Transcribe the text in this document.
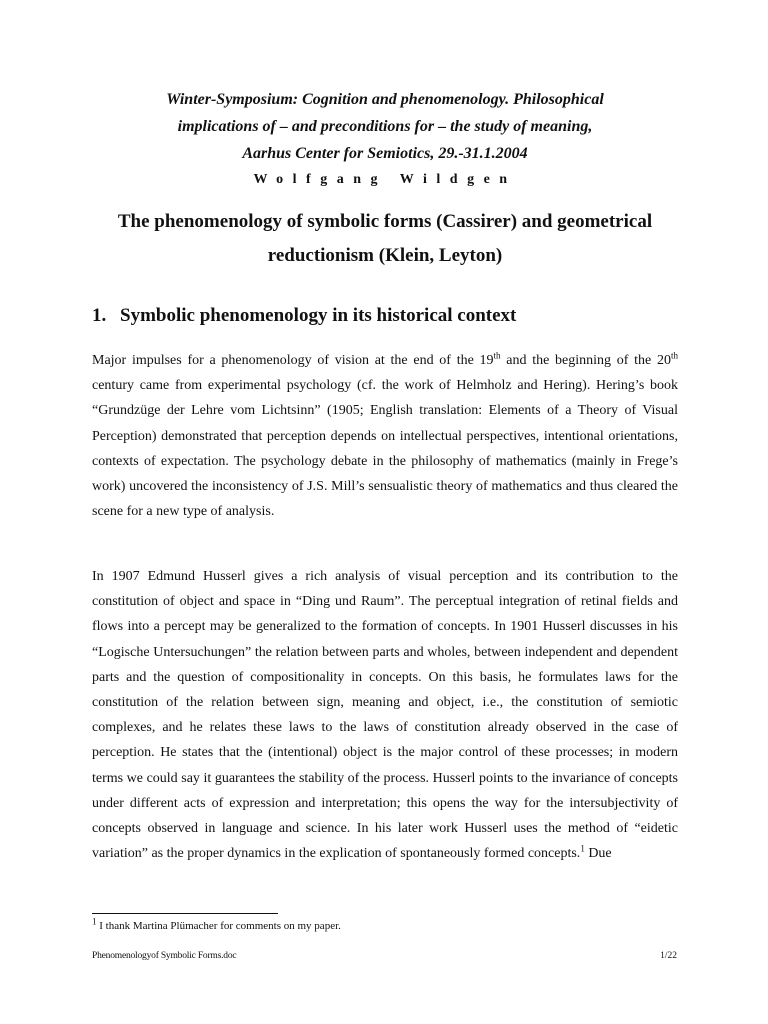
Winter-Symposium: Cognition and phenomenology. Philosophical
implications of – and preconditions for – the study of meaning,
Aarhus Center for Semiotics, 29.-31.1.2004
Wolfgang Wildgen
The phenomenology of symbolic forms (Cassirer) and geometrical
reductionism (Klein, Leyton)
1. Symbolic phenomenology in its historical context
Major impulses for a phenomenology of vision at the end of the 19th and the beginning of the 20th century came from experimental psychology (cf. the work of Helmholz and Hering). Hering’s book “Grundzüge der Lehre vom Lichtsinn” (1905; English translation: Elements of a Theory of Visual Perception) demonstrated that perception depends on intellectual perspectives, intentional orientations, contexts of expectation. The psychology debate in the philosophy of mathematics (mainly in Frege’s work) uncovered the inconsistency of J.S. Mill’s sensualistic theory of mathematics and thus cleared the scene for a new type of analysis.
In 1907 Edmund Husserl gives a rich analysis of visual perception and its contribution to the constitution of object and space in “Ding und Raum”. The perceptual integration of retinal fields and flows into a percept may be generalized to the formation of concepts. In 1901 Husserl discusses in his “Logische Untersuchungen” the relation between parts and wholes, between independent and dependent parts and the question of compositionality in concepts. On this basis, he formulates laws for the constitution of the relation between sign, meaning and object, i.e., the constitution of semiotic complexes, and he relates these laws to the laws of constitution already observed in the case of perception. He states that the (intentional) object is the major control of these processes; in modern terms we could say it guarantees the stability of the process. Husserl points to the invariance of concepts under different acts of expression and interpretation; this opens the way for the intersubjectivity of concepts observed in language and science. In his later work Husserl uses the method of “eidetic variation” as the proper dynamics in the explication of spontaneously formed concepts.$^1$ Due
$^1$ I thank Martina Plümacher for comments on my paper.
Phenomenologyof Symbolic Forms.doc	1/22
